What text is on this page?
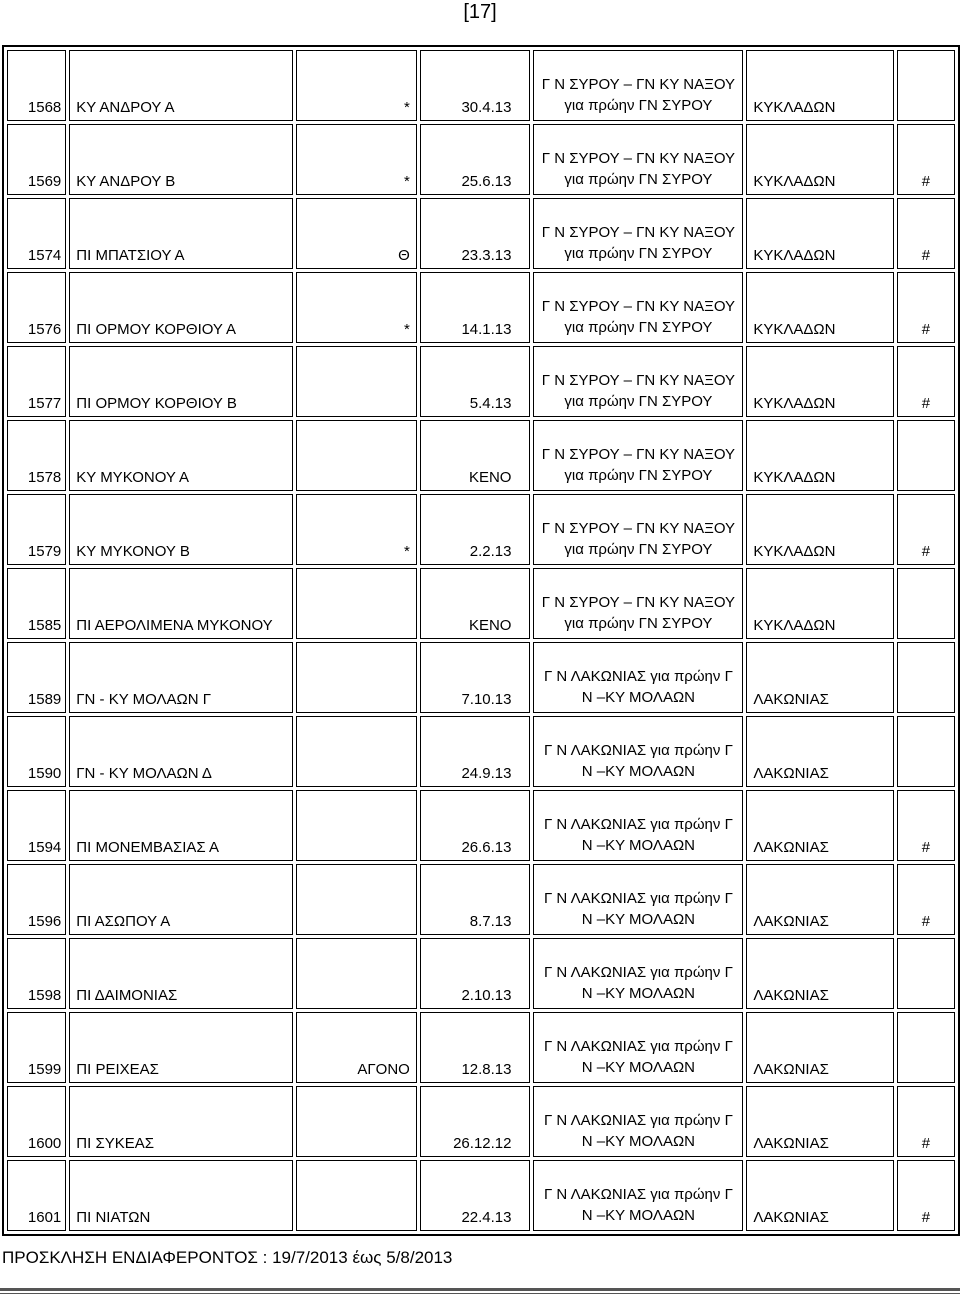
[17]
1568	ΚΥ ΑΝΔΡΟΥ Α	*	30.4.13	Γ Ν ΣΥΡΟΥ – ΓΝ ΚΥ ΝΑΞΟΥ
για πρώην ΓΝ ΣΥΡΟΥ	ΚΥΚΛΑΔΩΝ	
1569	ΚΥ ΑΝΔΡΟΥ Β	*	25.6.13	Γ Ν ΣΥΡΟΥ – ΓΝ ΚΥ ΝΑΞΟΥ
για πρώην ΓΝ ΣΥΡΟΥ	ΚΥΚΛΑΔΩΝ	#
1574	ΠΙ ΜΠΑΤΣΙΟΥ Α	Θ	23.3.13	Γ Ν ΣΥΡΟΥ – ΓΝ ΚΥ ΝΑΞΟΥ
για πρώην ΓΝ ΣΥΡΟΥ	ΚΥΚΛΑΔΩΝ	#
1576	ΠΙ ΟΡΜΟΥ ΚΟΡΘΙΟΥ Α	*	14.1.13	Γ Ν ΣΥΡΟΥ – ΓΝ ΚΥ ΝΑΞΟΥ
για πρώην ΓΝ ΣΥΡΟΥ	ΚΥΚΛΑΔΩΝ	#
1577	ΠΙ ΟΡΜΟΥ ΚΟΡΘΙΟΥ Β		5.4.13	Γ Ν ΣΥΡΟΥ – ΓΝ ΚΥ ΝΑΞΟΥ
για πρώην ΓΝ ΣΥΡΟΥ	ΚΥΚΛΑΔΩΝ	#
1578	ΚΥ ΜΥΚΟΝΟΥ Α		ΚΕΝΟ	Γ Ν ΣΥΡΟΥ – ΓΝ ΚΥ ΝΑΞΟΥ
για πρώην ΓΝ ΣΥΡΟΥ	ΚΥΚΛΑΔΩΝ	
1579	ΚΥ ΜΥΚΟΝΟΥ Β	*	2.2.13	Γ Ν ΣΥΡΟΥ – ΓΝ ΚΥ ΝΑΞΟΥ
για πρώην ΓΝ ΣΥΡΟΥ	ΚΥΚΛΑΔΩΝ	#
1585	ΠΙ ΑΕΡΟΛΙΜΕΝΑ ΜΥΚΟΝΟΥ		ΚΕΝΟ	Γ Ν ΣΥΡΟΥ – ΓΝ ΚΥ ΝΑΞΟΥ
για πρώην ΓΝ ΣΥΡΟΥ	ΚΥΚΛΑΔΩΝ	
1589	ΓΝ - ΚΥ ΜΟΛΑΩΝ Γ		7.10.13	Γ Ν ΛΑΚΩΝΙΑΣ για πρώην Γ
Ν –ΚΥ ΜΟΛΑΩΝ	ΛΑΚΩΝΙΑΣ	
1590	ΓΝ - ΚΥ ΜΟΛΑΩΝ Δ		24.9.13	Γ Ν ΛΑΚΩΝΙΑΣ για πρώην Γ
Ν –ΚΥ ΜΟΛΑΩΝ	ΛΑΚΩΝΙΑΣ	
1594	ΠΙ ΜΟΝΕΜΒΑΣΙΑΣ Α		26.6.13	Γ Ν ΛΑΚΩΝΙΑΣ για πρώην Γ
Ν –ΚΥ ΜΟΛΑΩΝ	ΛΑΚΩΝΙΑΣ	#
1596	ΠΙ ΑΣΩΠΟΥ Α		8.7.13	Γ Ν ΛΑΚΩΝΙΑΣ για πρώην Γ
Ν –ΚΥ ΜΟΛΑΩΝ	ΛΑΚΩΝΙΑΣ	#
1598	ΠΙ ΔΑΙΜΟΝΙΑΣ		2.10.13	Γ Ν ΛΑΚΩΝΙΑΣ για πρώην Γ
Ν –ΚΥ ΜΟΛΑΩΝ	ΛΑΚΩΝΙΑΣ	
1599	ΠΙ ΡΕΙΧΕΑΣ	ΑΓΟΝΟ	12.8.13	Γ Ν ΛΑΚΩΝΙΑΣ για πρώην Γ
Ν –ΚΥ ΜΟΛΑΩΝ	ΛΑΚΩΝΙΑΣ	
1600	ΠΙ ΣΥΚΕΑΣ		26.12.12	Γ Ν ΛΑΚΩΝΙΑΣ για πρώην Γ
Ν –ΚΥ ΜΟΛΑΩΝ	ΛΑΚΩΝΙΑΣ	#
1601	ΠΙ ΝΙΑΤΩΝ		22.4.13	Γ Ν ΛΑΚΩΝΙΑΣ για πρώην Γ
Ν –ΚΥ ΜΟΛΑΩΝ	ΛΑΚΩΝΙΑΣ	#
ΠΡΟΣΚΛΗΣΗ ΕΝΔΙΑΦΕΡΟΝΤΟΣ : 19/7/2013 έως 5/8/2013
